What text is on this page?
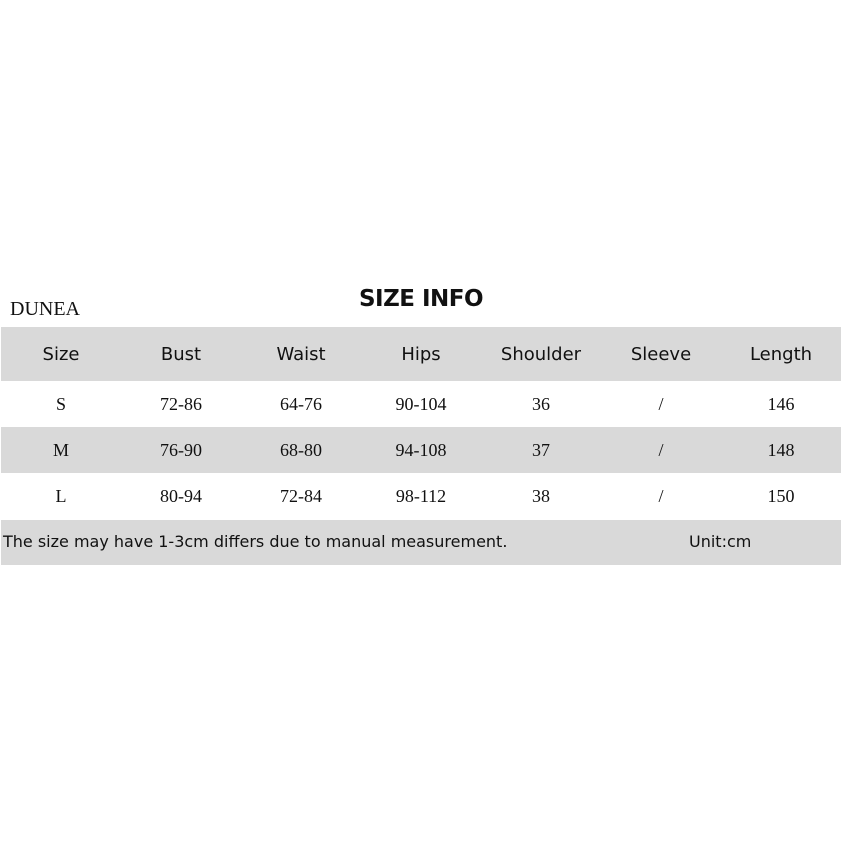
DUNEA	SIZE INFO
Size	Bust	Waist	Hips	Shoulder	Sleeve	Length
S	72-86	64-76	90-104	36	/	146
M	76-90	68-80	94-108	37	/	148
L	80-94	72-84	98-112	38	/	150
The size may have 1-3cm differs due to manual measurement.	Unit:cm
